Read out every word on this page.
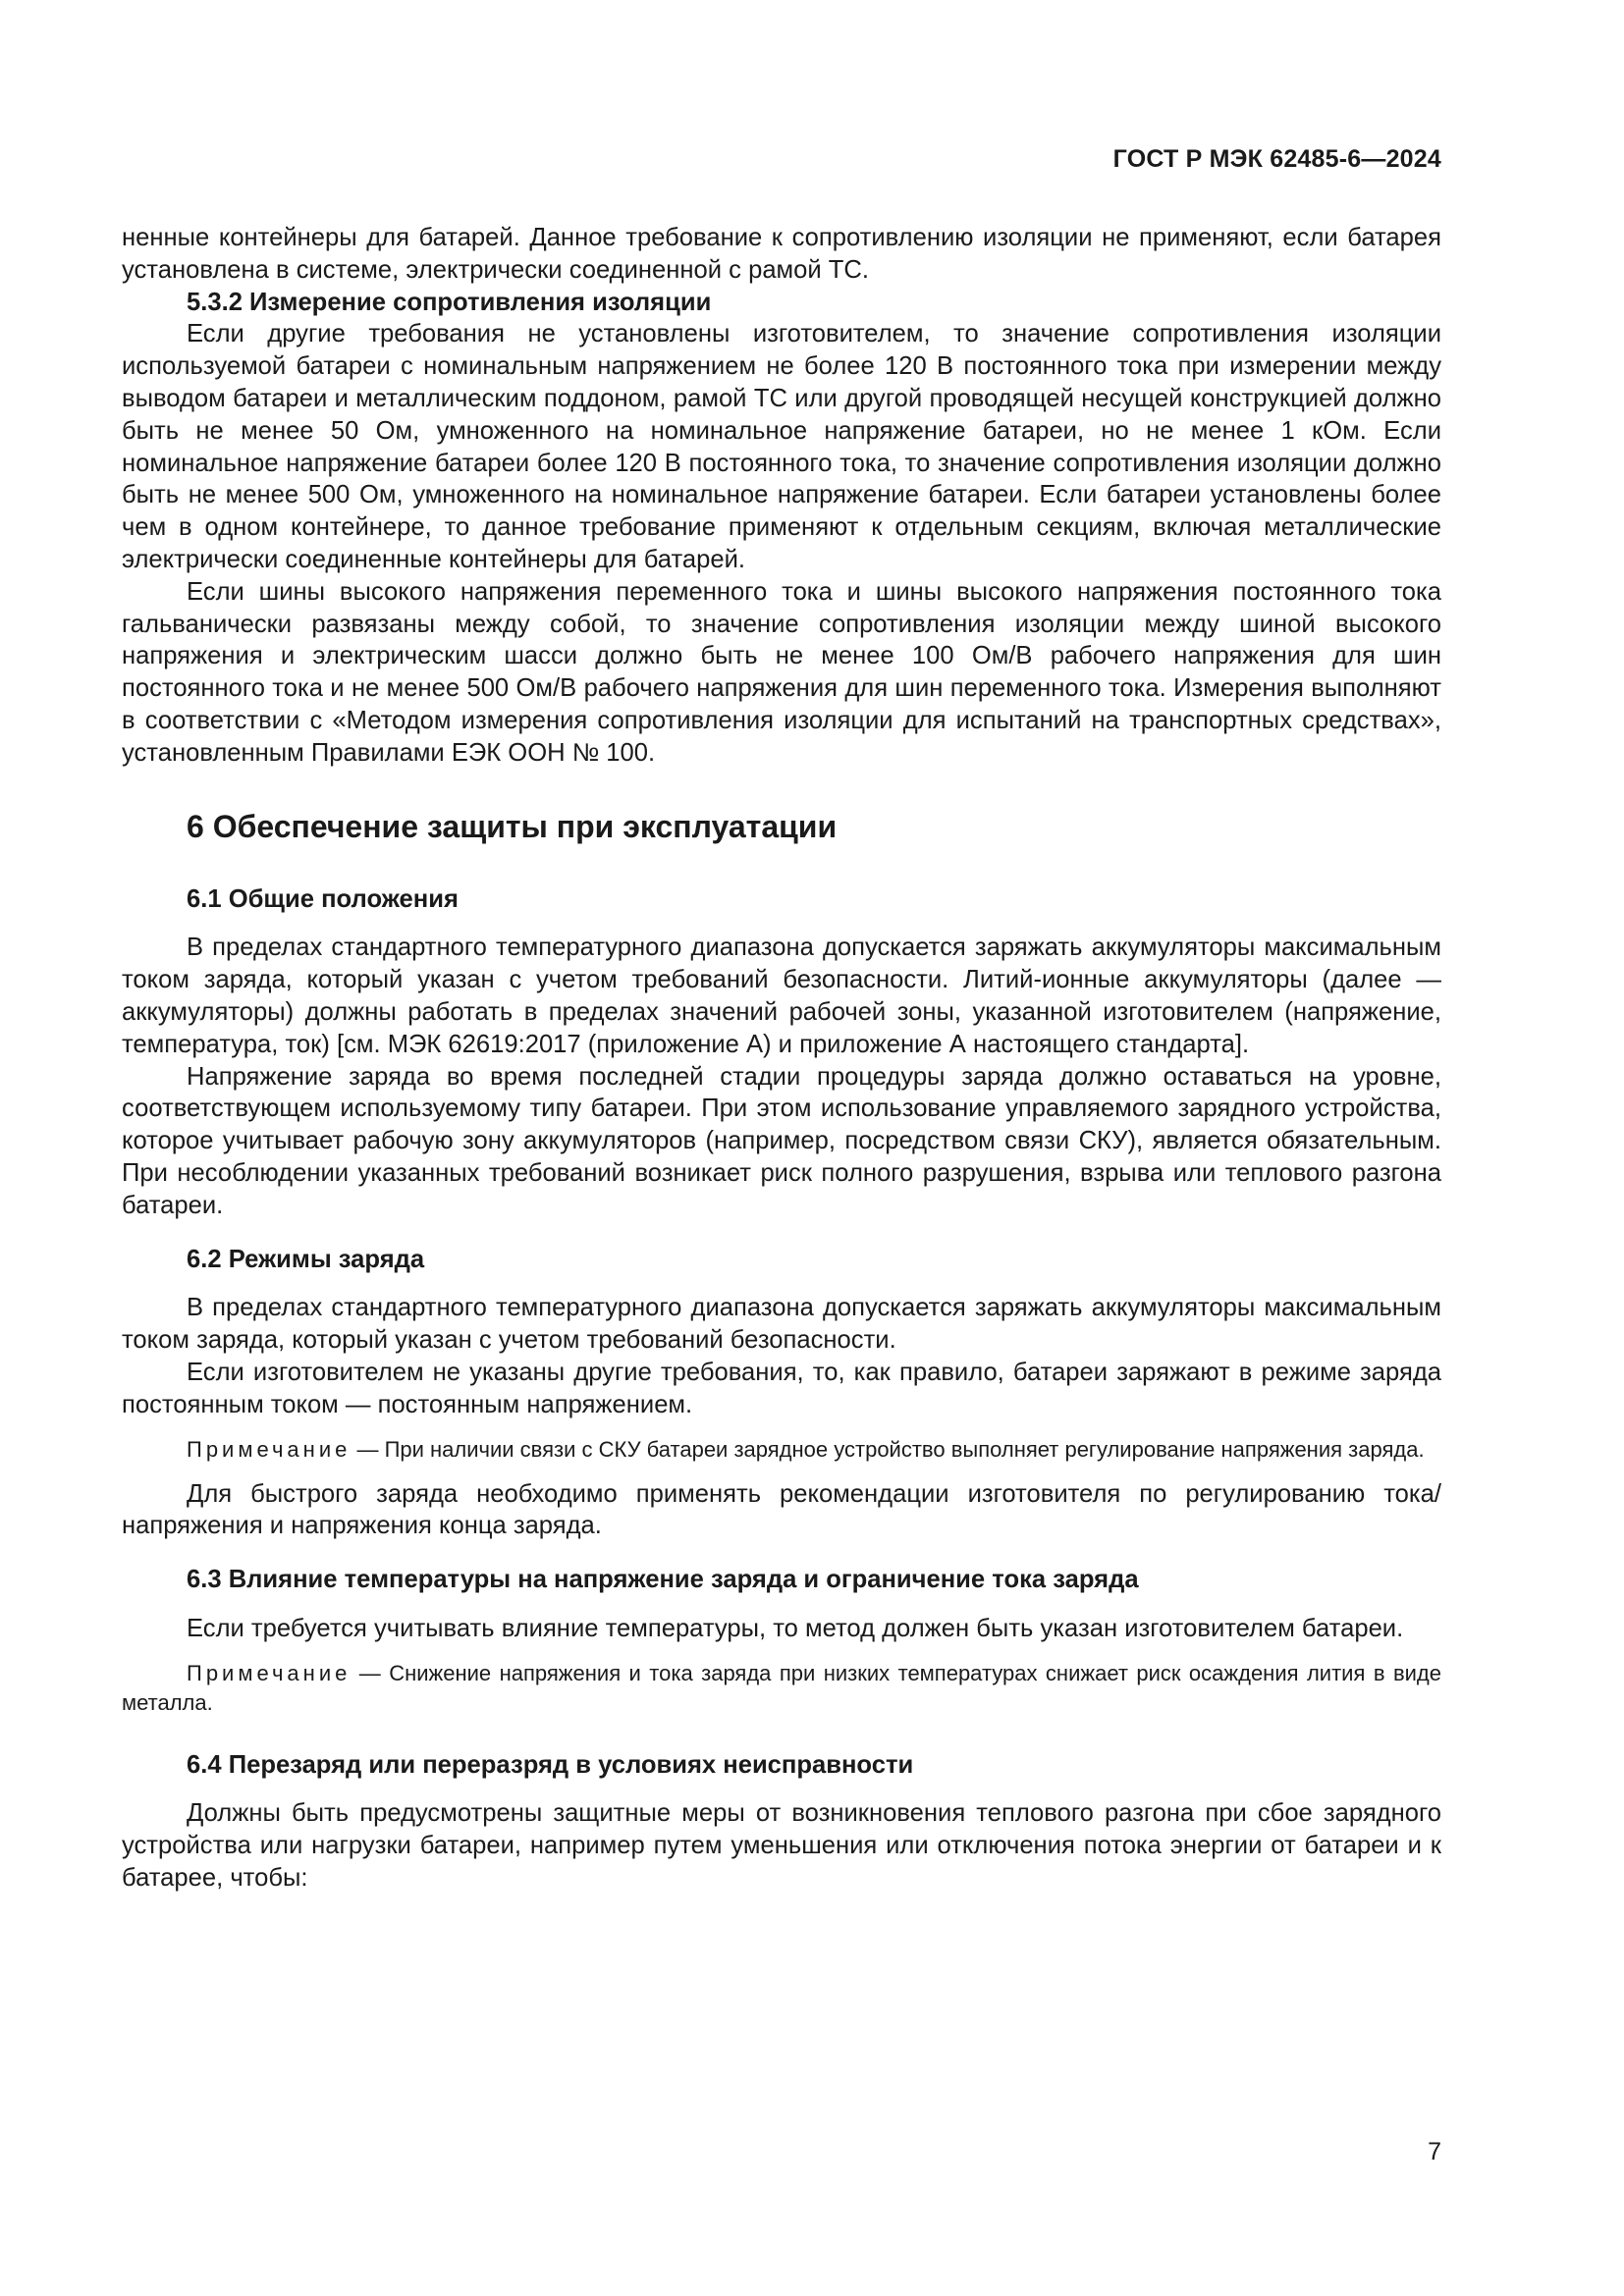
ГОСТ Р МЭК 62485-6—2024

ненные контейнеры для батарей. Данное требование к сопротивлению изоляции не применяют, если батарея установлена в системе, электрически соединенной с рамой ТС.

5.3.2 Измерение сопротивления изоляции

Если другие требования не установлены изготовителем, то значение сопротивления изоляции используемой батареи с номинальным напряжением не более 120 В постоянного тока при измерении между выводом батареи и металлическим поддоном, рамой ТС или другой проводящей несущей конструкцией должно быть не менее 50 Ом, умноженного на номинальное напряжение батареи, но не менее 1 кОм. Если номинальное напряжение батареи более 120 В постоянного тока, то значение сопротивления изоляции должно быть не менее 500 Ом, умноженного на номинальное напряжение батареи. Если батареи установлены более чем в одном контейнере, то данное требование применяют к отдельным секциям, включая металлические электрически соединенные контейнеры для батарей.

Если шины высокого напряжения переменного тока и шины высокого напряжения постоянного тока гальванически развязаны между собой, то значение сопротивления изоляции между шиной высокого напряжения и электрическим шасси должно быть не менее 100 Ом/В рабочего напряжения для шин постоянного тока и не менее 500 Ом/В рабочего напряжения для шин переменного тока. Измерения выполняют в соответствии с «Методом измерения сопротивления изоляции для испытаний на транспортных средствах», установленным Правилами ЕЭК ООН № 100.

6 Обеспечение защиты при эксплуатации
6.1 Общие положения

В пределах стандартного температурного диапазона допускается заряжать аккумуляторы максимальным током заряда, который указан с учетом требований безопасности. Литий-ионные аккумуляторы (далее — аккумуляторы) должны работать в пределах значений рабочей зоны, указанной изготовителем (напряжение, температура, ток) [см. МЭК 62619:2017 (приложение А) и приложение А настоящего стандарта].

Напряжение заряда во время последней стадии процедуры заряда должно оставаться на уровне, соответствующем используемому типу батареи. При этом использование управляемого зарядного устройства, которое учитывает рабочую зону аккумуляторов (например, посредством связи СКУ), является обязательным. При несоблюдении указанных требований возникает риск полного разрушения, взрыва или теплового разгона батареи.

6.2 Режимы заряда

В пределах стандартного температурного диапазона допускается заряжать аккумуляторы максимальным током заряда, который указан с учетом требований безопасности.

Если изготовителем не указаны другие требования, то, как правило, батареи заряжают в режиме заряда постоянным током — постоянным напряжением.

Примечание — При наличии связи с СКУ батареи зарядное устройство выполняет регулирование напряжения заряда.

Для быстрого заряда необходимо применять рекомендации изготовителя по регулированию тока/напряжения и напряжения конца заряда.

6.3 Влияние температуры на напряжение заряда и ограничение тока заряда

Если требуется учитывать влияние температуры, то метод должен быть указан изготовителем батареи.

Примечание — Снижение напряжения и тока заряда при низких температурах снижает риск осаждения лития в виде металла.
6.4 Перезаряд или переразряд в условиях неисправности

Должны быть предусмотрены защитные меры от возникновения теплового разгона при сбое зарядного устройства или нагрузки батареи, например путем уменьшения или отключения потока энергии от батареи и к батарее, чтобы:

7
